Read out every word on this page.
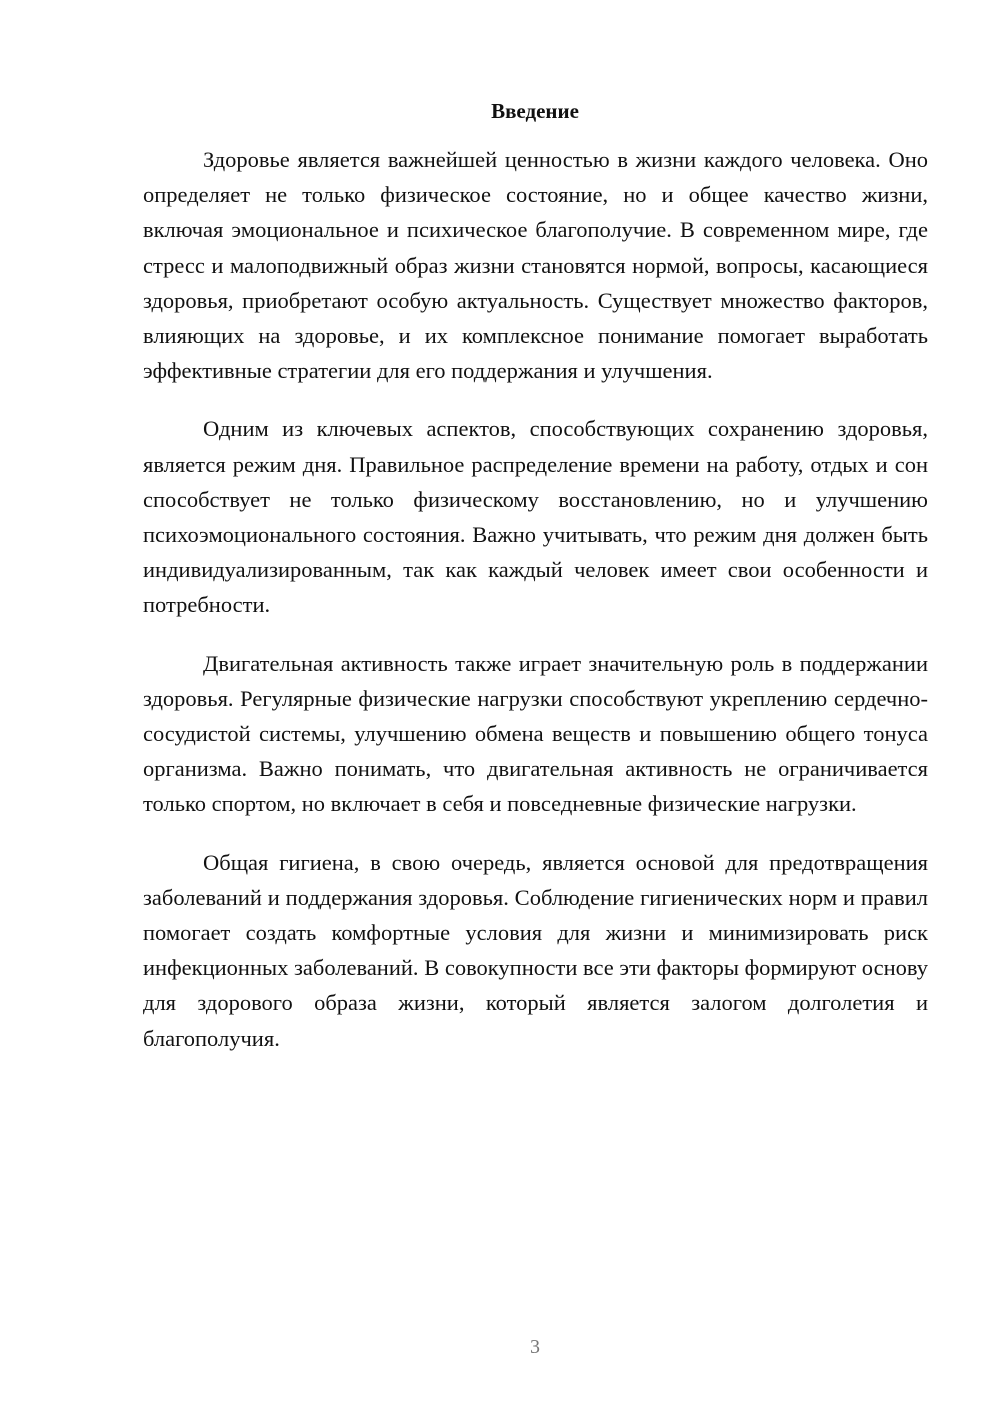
Введение

Здоровье является важнейшей ценностью в жизни каждого человека. Оно определяет не только физическое состояние, но и общее качество жизни, включая эмоциональное и психическое благополучие. В современном мире, где стресс и малоподвижный образ жизни становятся нормой, вопросы, касающиеся здоровья, приобретают особую актуальность. Существует множество факторов, влияющих на здоровье, и их комплексное понимание помогает выработать эффективные стратегии для его поддержания и улучшения.

Одним из ключевых аспектов, способствующих сохранению здоровья, является режим дня. Правильное распределение времени на работу, отдых и сон способствует не только физическому восстановлению, но и улучшению психоэмоционального состояния. Важно учитывать, что режим дня должен быть индивидуализированным, так как каждый человек имеет свои особенности и потребности.

Двигательная активность также играет значительную роль в поддержании здоровья. Регулярные физические нагрузки способствуют укреплению сердечно-сосудистой системы, улучшению обмена веществ и повышению общего тонуса организма. Важно понимать, что двигательная активность не ограничивается только спортом, но включает в себя и повседневные физические нагрузки.

Общая гигиена, в свою очередь, является основой для предотвращения заболеваний и поддержания здоровья. Соблюдение гигиенических норм и правил помогает создать комфортные условия для жизни и минимизировать риск инфекционных заболеваний. В совокупности все эти факторы формируют основу для здорового образа жизни, который является залогом долголетия и благополучия.

3
